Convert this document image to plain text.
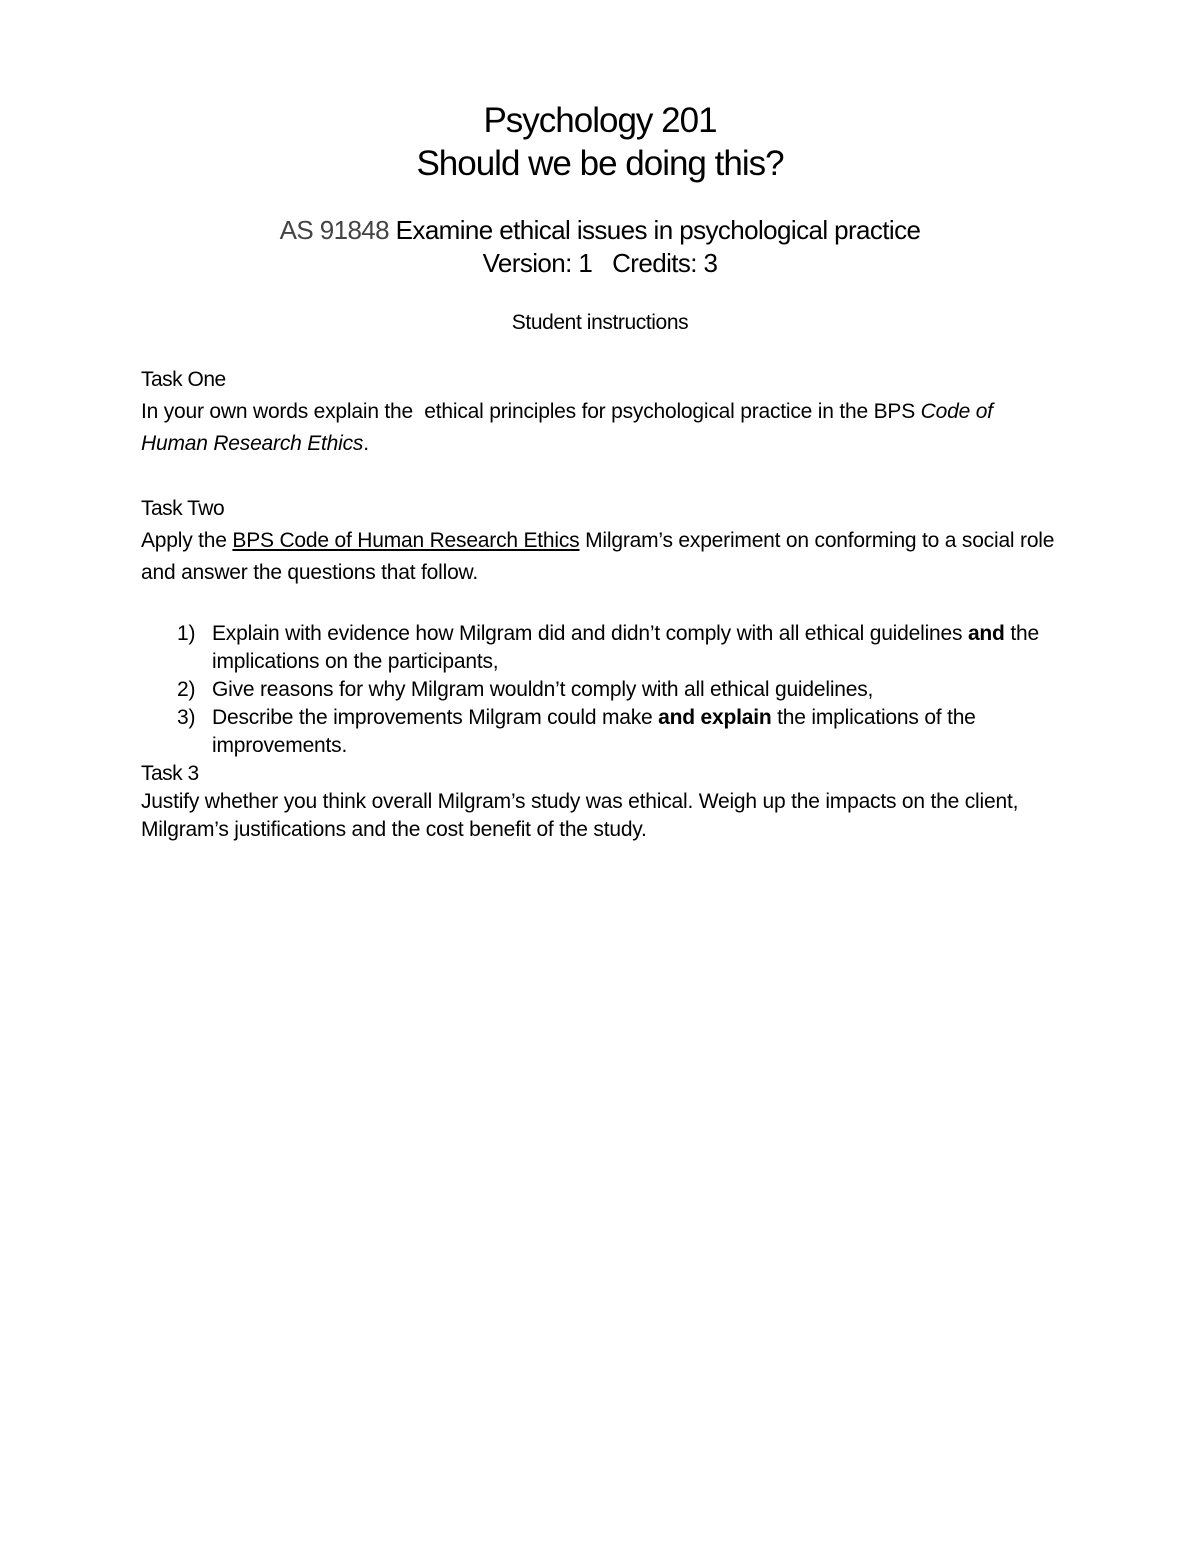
Psychology 201
Should we be doing this?
AS 91848 Examine ethical issues in psychological practice
Version: 1   Credits: 3
Student instructions
Task One
In your own words explain the  ethical principles for psychological practice in the BPS Code of Human Research Ethics.
Task Two
Apply the BPS Code of Human Research Ethics Milgram’s experiment on conforming to a social role and answer the questions that follow.
1) Explain with evidence how Milgram did and didn’t comply with all ethical guidelines and the implications on the participants,
2) Give reasons for why Milgram wouldn’t comply with all ethical guidelines,
3) Describe the improvements Milgram could make and explain the implications of the improvements.
Task 3
Justify whether you think overall Milgram’s study was ethical. Weigh up the impacts on the client, Milgram’s justifications and the cost benefit of the study.
